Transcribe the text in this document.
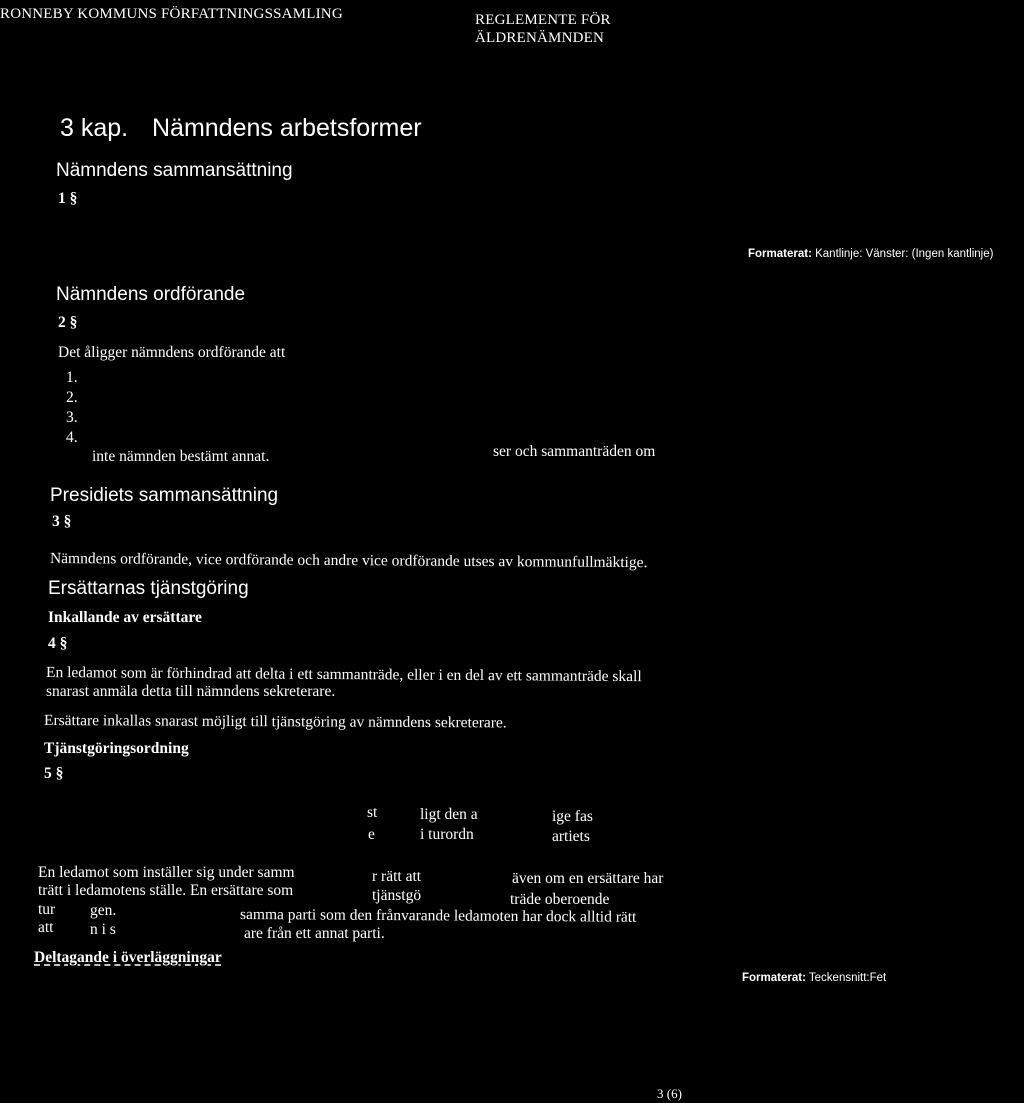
RONNEBY KOMMUNS FÖRFATTNINGSSAMLING	REGLEMENTE FÖR
ÄLDRENÄMNDEN
3 kap. Nämndens arbetsformer
Nämndens sammansättning
1 §
Formaterat: Kantlinje: Vänster: (Ingen kantlinje)
Nämndens ordförande
2 §
Det åligger nämndens ordförande att
1.
2.
3.
4.
inte nämnden bestämt annat.	ser och sammanträden om
Presidiets sammansättning
3 §
Nämndens ordförande, vice ordförande och andre vice ordförande utses av kommunfullmäktige.
Ersättarnas tjänstgöring
Inkallande av ersättare
4 §
En ledamot som är förhindrad att delta i ett sammanträde, eller i en del av ett sammanträde skall
snarast anmäla detta till nämndens sekreterare.
Ersättare inkallas snarast möjligt till tjänstgöring av nämndens sekreterare.
Tjänstgöringsordning
5 §
st	ligt den a	ige fas
e	i turordn	artiets
En ledamot som inställer sig under samm	r rätt att	även om en ersättare har
trätt i ledamotens ställe. En ersättare som	tjänstgö	träde oberoende
tur gen.	samma parti som den frånvarande ledamoten har dock alltid rätt
att n i s	are från ett annat parti.
Deltagande i överläggningar
Formaterat: Teckensnitt:Fet
3 (6)
